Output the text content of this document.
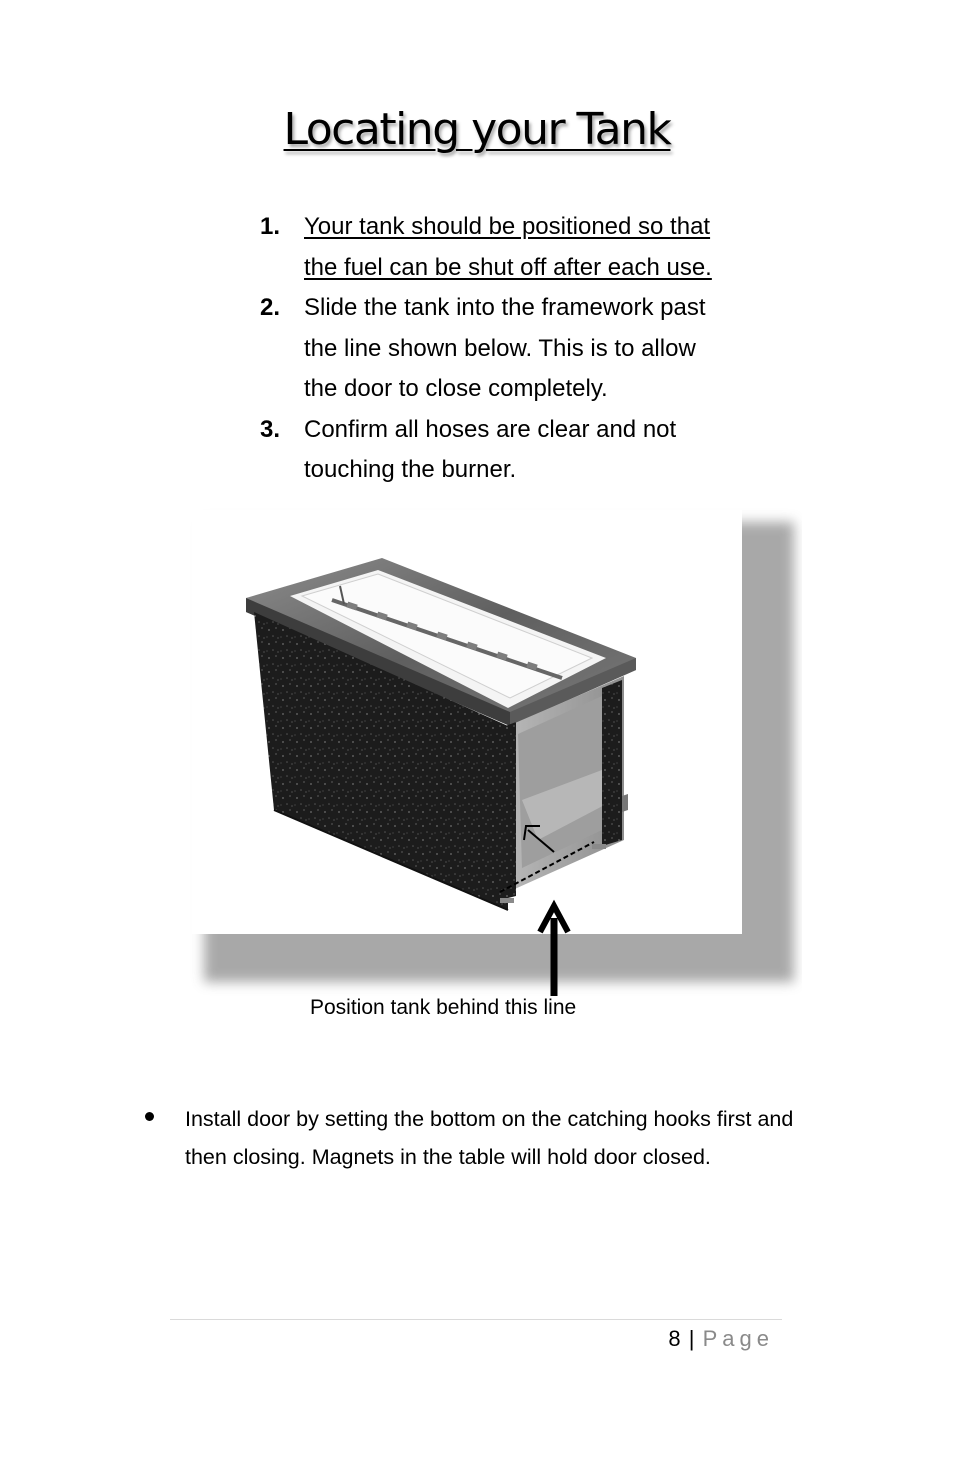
Locating your Tank
1. Your tank should be positioned so that
the fuel can be shut off after each use.
2. Slide the tank into the framework past
the line shown below. This is to allow
the door to close completely.
3. Confirm all hoses are clear and not
touching the burner.
Position tank behind this line
Install door by setting the bottom on the catching hooks first and
then closing. Magnets in the table will hold door closed.
8 | Page
